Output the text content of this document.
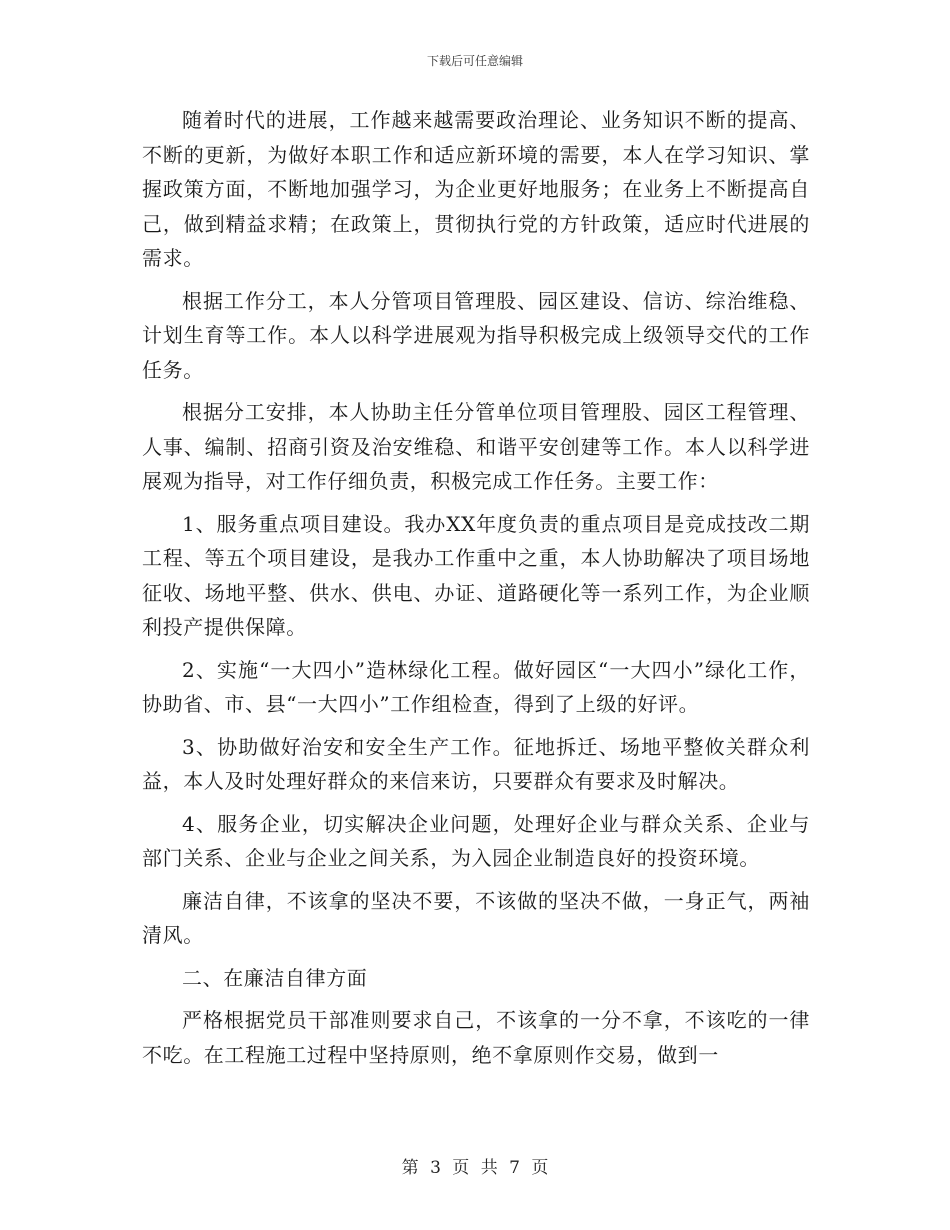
下载后可任意编辑

随着时代的进展，工作越来越需要政治理论、业务知识不断的提高、不断的更新，为做好本职工作和适应新环境的需要，本人在学习知识、掌握政策方面，不断地加强学习，为企业更好地服务；在业务上不断提高自己，做到精益求精；在政策上，贯彻执行党的方针政策，适应时代进展的需求。

根据工作分工，本人分管项目管理股、园区建设、信访、综治维稳、计划生育等工作。本人以科学进展观为指导积极完成上级领导交代的工作任务。

根据分工安排，本人协助主任分管单位项目管理股、园区工程管理、人事、编制、招商引资及治安维稳、和谐平安创建等工作。本人以科学进展观为指导，对工作仔细负责，积极完成工作任务。主要工作：

1、服务重点项目建设。我办XX年度负责的重点项目是竞成技改二期工程、等五个项目建设，是我办工作重中之重，本人协助解决了项目场地征收、场地平整、供水、供电、办证、道路硬化等一系列工作，为企业顺利投产提供保障。

2、实施“一大四小”造林绿化工程。做好园区“一大四小”绿化工作，协助省、市、县“一大四小”工作组检查，得到了上级的好评。

3、协助做好治安和安全生产工作。征地拆迁、场地平整攸关群众利益，本人及时处理好群众的来信来访，只要群众有要求及时解决。

4、服务企业，切实解决企业问题，处理好企业与群众关系、企业与部门关系、企业与企业之间关系，为入园企业制造良好的投资环境。

廉洁自律，不该拿的坚决不要，不该做的坚决不做，一身正气，两袖清风。

二、在廉洁自律方面

严格根据党员干部准则要求自己，不该拿的一分不拿，不该吃的一律不吃。在工程施工过程中坚持原则，绝不拿原则作交易，做到一

第 3 页 共 7 页
